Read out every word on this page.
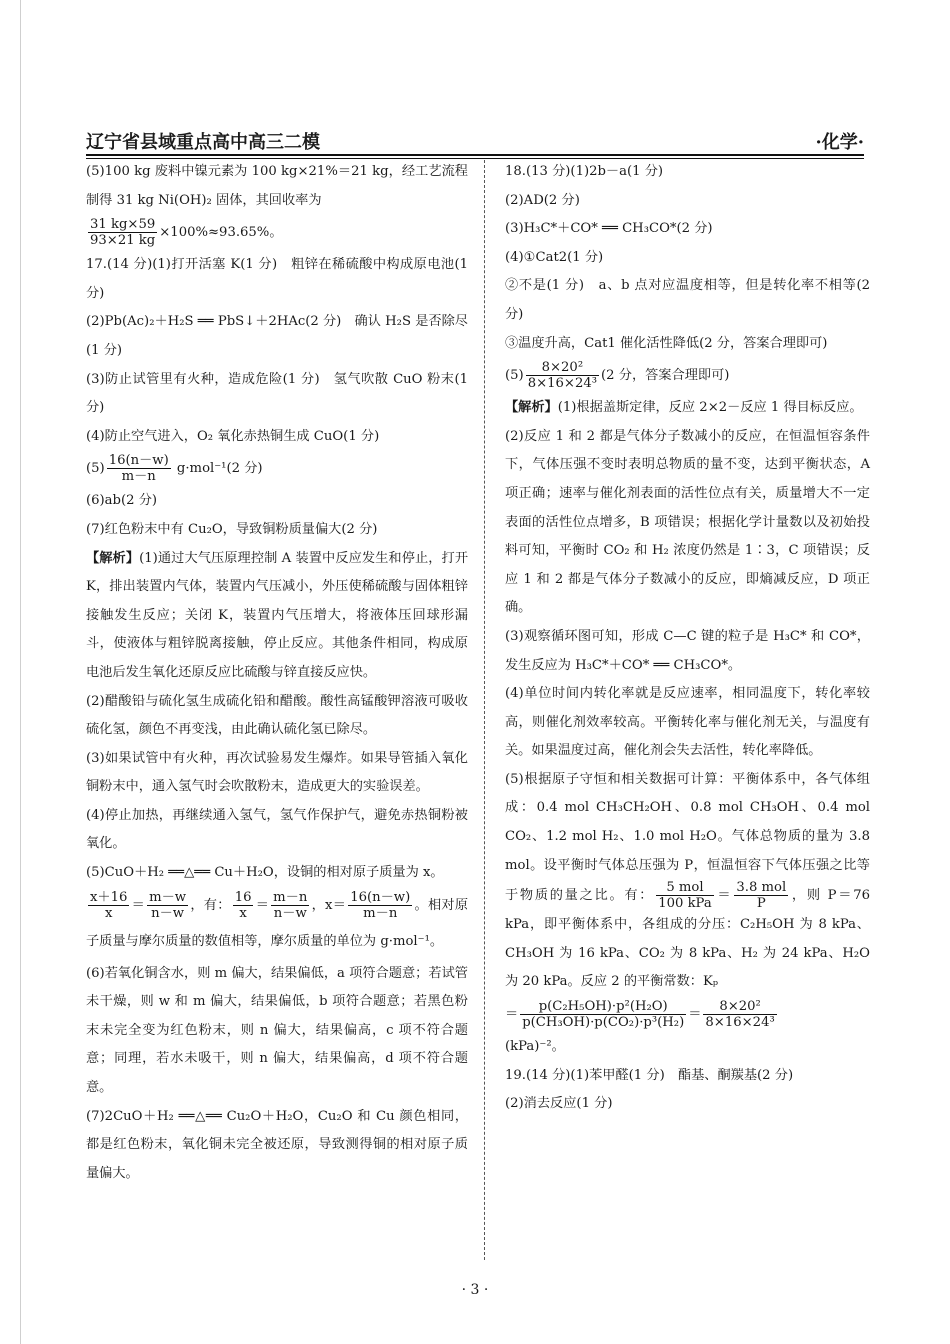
辽宁省县域重点高中高三二模	·化学·

(5)100 kg 废料中镍元素为 100 kg×21%＝21 kg，经工艺流程制得 31 kg Ni(OH)₂ 固体，其回收率为

$\frac{31 kg\times 59}{93\times 21 kg} \times 100\%\approx 93.65\%$。

17.(14 分)(1)打开活塞 K(1 分)　粗锌在稀硫酸中构成原电池(1 分)

(2)Pb(Ac)₂＋H₂S ══ PbS↓＋2HAc(2 分)　确认 H₂S 是否除尽(1 分)

(3)防止试管里有火种，造成危险(1 分)　氢气吹散 CuO 粉末(1 分)

(4)防止空气进入，O₂ 氧化赤热铜生成 CuO(1 分)

$(5) \frac{16(n-w)}{m-n} g\cdot mol^{-1}(2$ 分)

(6)ab(2 分)

(7)红色粉末中有 Cu₂O，导致铜粉质量偏大(2 分)

【解析】(1)通过大气压原理控制 A 装置中反应发生和停止，打开 K，排出装置内气体，装置内气压减小，外压使稀硫酸与固体粗锌接触发生反应；关闭 K，装置内气压增大，将液体压回球形漏斗，使液体与粗锌脱离接触，停止反应。其他条件相同，构成原电池后发生氧化还原反应比硫酸与锌直接反应快。

(2)醋酸铅与硫化氢生成硫化铅和醋酸。酸性高锰酸钾溶液可吸收硫化氢，颜色不再变浅，由此确认硫化氢已除尽。

(3)如果试管中有火种，再次试验易发生爆炸。如果导管插入氧化铜粉末中，通入氢气时会吹散粉末，造成更大的实验误差。

(4)停止加热，再继续通入氢气，氢气作保护气，避免赤热铜粉被氧化。

(5)CuO＋H₂ ══△══ Cu＋H₂O，设铜的相对原子质量为 x。

$\frac{x+16}{x} = \frac{m-w}{n-w}$ ，有： $\frac{16}{x} = \frac{m-n}{n-w}$ ，$x= \frac{16(n-w)}{m-n}$ 。相对原子质量与摩尔质量的数值相等，摩尔质量的单位为 g·mol⁻¹。

(6)若氧化铜含水，则 m 偏大，结果偏低，a 项符合题意；若试管未干燥，则 w 和 m 偏大，结果偏低，b 项符合题意；若黑色粉末未完全变为红色粉末，则 n 偏大，结果偏高，c 项不符合题意；同理，若水未吸干，则 n 偏大，结果偏高，d 项不符合题意。

(7)2CuO＋H₂ ══△══ Cu₂O＋H₂O，Cu₂O 和 Cu 颜色相同，都是红色粉末，氧化铜未完全被还原，导致测得铜的相对原子质量偏大。

18.(13 分)(1)2b－a(1 分)

(2)AD(2 分)

(3)H₃C*＋CO* ══ CH₃CO*(2 分)

(4)①Cat2(1 分)

②不是(1 分)　a、b 点对应温度相等，但是转化率不相等(2 分)

③温度升高，Cat1 催化活性降低(2 分，答案合理即可)

$(5) \frac{\text{8×20²}}{\text{8×16×24³}} (2$ 分，答案合理即可)

【解析】(1)根据盖斯定律，反应 2×2－反应 1 得目标反应。

(2)反应 1 和 2 都是气体分子数减小的反应，在恒温恒容条件下，气体压强不变时表明总物质的量不变，达到平衡状态，A 项正确；速率与催化剂表面的活性位点有关，质量增大不一定表面的活性位点增多，B 项错误；根据化学计量数以及初始投料可知，平衡时 CO₂ 和 H₂ 浓度仍然是 1∶3，C 项错误；反应 1 和 2 都是气体分子数减小的反应，即熵减反应，D 项正确。

(3)观察循环图可知，形成 C—C 键的粒子是 H₃C* 和 CO*，发生反应为 H₃C*＋CO* ══ CH₃CO*。

(4)单位时间内转化率就是反应速率，相同温度下，转化率较高，则催化剂效率较高。平衡转化率与催化剂无关，与温度有关。如果温度过高，催化剂会失去活性，转化率降低。

(5)根据原子守恒和相关数据可计算：平衡体系中，各气体组成：0.4 mol CH₃CH₂OH、0.8 mol CH₃OH、0.4 mol CO₂、1.2 mol H₂、1.0 mol H₂O。气体总物质的量为 3.8 mol。设平衡时气体总压强为 P，恒温恒容下气体压强之比等于物质的量之比。有： $\frac{\text{5 mol}}{\text{100 kPa}} = \frac{\text{3.8 mol}}{P}$ ，则 P＝76 kPa，即平衡体系中，各组成的分压：C₂H₅OH 为 8 kPa、CH₃OH 为 16 kPa、CO₂ 为 8 kPa、H₂ 为 24 kPa、H₂O 为 20 kPa。反应 2 的平衡常数：Kₚ

＝ $\frac{\text{p(C₂H₅OH)·p²(H₂O)}}{\text{p(CH₃OH)·p(CO₂)·p³(H₂)}} = \frac{\text{8×20²}}{\text{8×16×24³}}$

(kPa)⁻²。

19.(14 分)(1)苯甲醛(1 分)　酯基、酮羰基(2 分)

(2)消去反应(1 分)

· 3 ·
